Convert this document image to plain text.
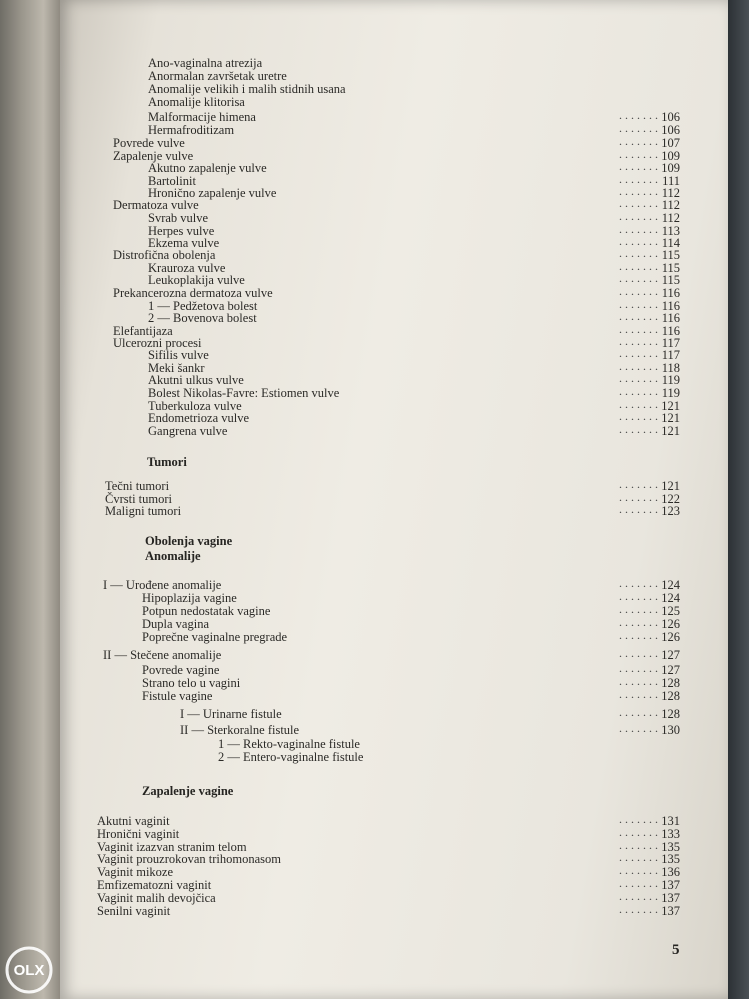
Ano-vaginalna atrezija
Anormalan završetak uretre
Anomalije velikih i malih stidnih usana
Anomalije klitorisa
Malformacije himena	. . . . . . . 106
Hermafroditizam	. . . . . . . 106
Povrede vulve	. . . . . . . 107
Zapalenje vulve	. . . . . . . 109
Akutno zapalenje vulve	. . . . . . . 109
Bartolinit	. . . . . . . 111
Hronično zapalenje vulve	. . . . . . . 112
Dermatoza vulve	. . . . . . . 112
Svrab vulve	. . . . . . . 112
Herpes vulve	. . . . . . . 113
Ekzema vulve	. . . . . . . 114
Distrofična obolenja	. . . . . . . 115
Krauroza vulve	. . . . . . . 115
Leukoplakija vulve	. . . . . . . 115
Prekancerozna dermatoza vulve	. . . . . . . 116
1 — Pedžetova bolest	. . . . . . . 116
2 — Bovenova bolest	. . . . . . . 116
Elefantijaza	. . . . . . . 116
Ulcerozni procesi	. . . . . . . 117
Sifilis vulve	. . . . . . . 117
Meki šankr	. . . . . . . 118
Akutni ulkus vulve	. . . . . . . 119
Bolest Nikolas-Favre: Estiomen vulve	. . . . . . . 119
Tuberkuloza vulve	. . . . . . . 121
Endometrioza vulve	. . . . . . . 121
Gangrena vulve	. . . . . . . 121
Tečni tumori	. . . . . . . 121
Čvrsti tumori	. . . . . . . 122
Maligni tumori	. . . . . . . 123
I — Urođene anomalije	. . . . . . . 124
Hipoplazija vagine	. . . . . . . 124
Potpun nedostatak vagine	. . . . . . . 125
Dupla vagina	. . . . . . . 126
Poprečne vaginalne pregrade	. . . . . . . 126
II — Stečene anomalije	. . . . . . . 127
Povrede vagine	. . . . . . . 127
Strano telo u vagini	. . . . . . . 128
Fistule vagine	. . . . . . . 128
I — Urinarne fistule	. . . . . . . 128
II — Sterkoralne fistule	. . . . . . . 130
1 — Rekto-vaginalne fistule
2 — Entero-vaginalne fistule
Akutni vaginit	. . . . . . . 131
Hronični vaginit	. . . . . . . 133
Vaginit izazvan stranim telom	. . . . . . . 135
Vaginit prouzrokovan trihomonasom	. . . . . . . 135
Vaginit mikoze	. . . . . . . 136
Emfizematozni vaginit	. . . . . . . 137
Vaginit malih devojčica	. . . . . . . 137
Senilni vaginit	. . . . . . . 137
Tumori
Obolenja vagine
Anomalije
Zapalenje vagine
5
OLX
